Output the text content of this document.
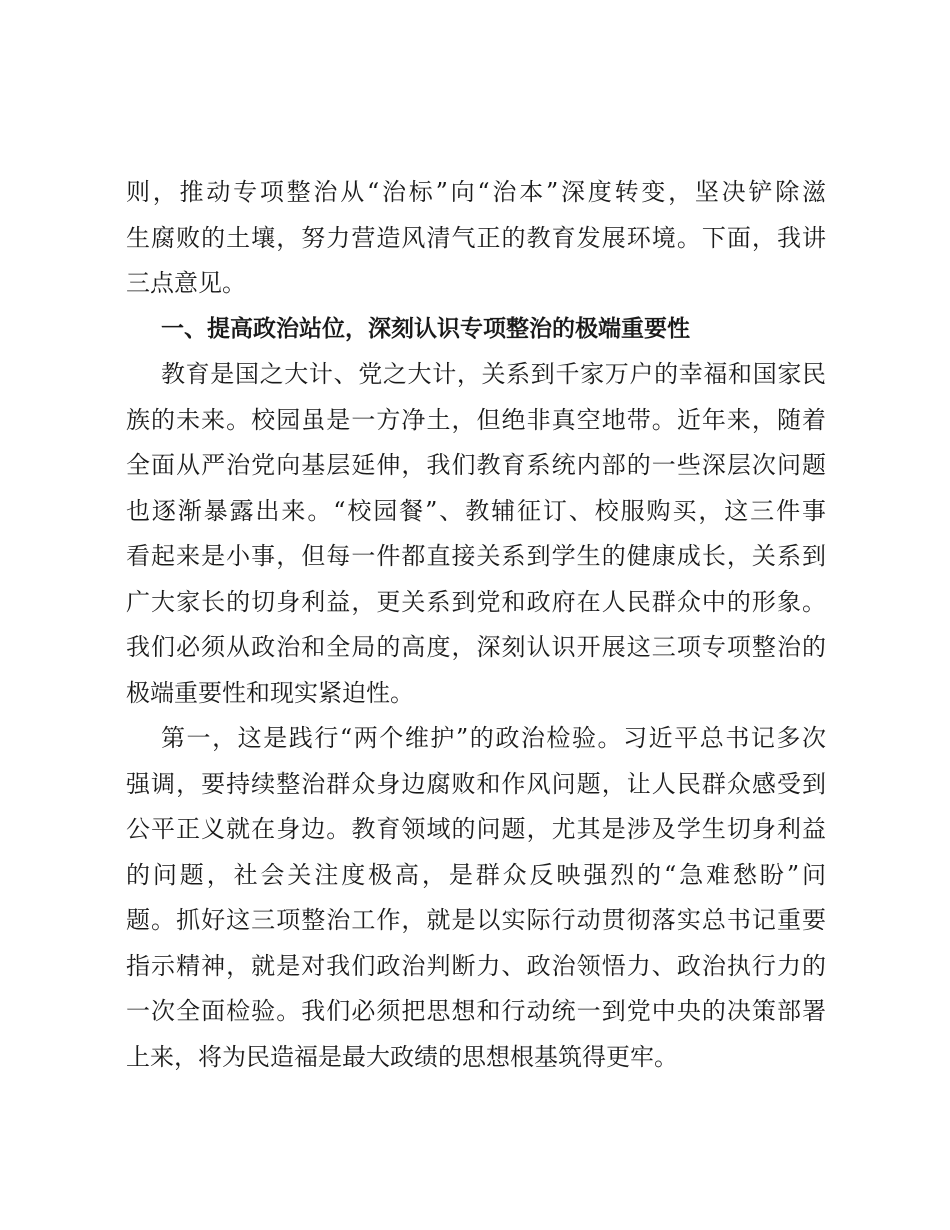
则，推动专项整治从“治标”向“治本”深度转变，坚决铲除滋
生腐败的土壤，努力营造风清气正的教育发展环境。下面，我讲
三点意见。
一、提高政治站位，深刻认识专项整治的极端重要性
教育是国之大计、党之大计，关系到千家万户的幸福和国家民
族的未来。校园虽是一方净土，但绝非真空地带。近年来，随着
全面从严治党向基层延伸，我们教育系统内部的一些深层次问题
也逐渐暴露出来。“校园餐”、教辅征订、校服购买，这三件事
看起来是小事，但每一件都直接关系到学生的健康成长，关系到
广大家长的切身利益，更关系到党和政府在人民群众中的形象。
我们必须从政治和全局的高度，深刻认识开展这三项专项整治的
极端重要性和现实紧迫性。
第一，这是践行“两个维护”的政治检验。习近平总书记多次
强调，要持续整治群众身边腐败和作风问题，让人民群众感受到
公平正义就在身边。教育领域的问题，尤其是涉及学生切身利益
的问题，社会关注度极高，是群众反映强烈的“急难愁盼”问
题。抓好这三项整治工作，就是以实际行动贯彻落实总书记重要
指示精神，就是对我们政治判断力、政治领悟力、政治执行力的
一次全面检验。我们必须把思想和行动统一到党中央的决策部署
上来，将为民造福是最大政绩的思想根基筑得更牢。
